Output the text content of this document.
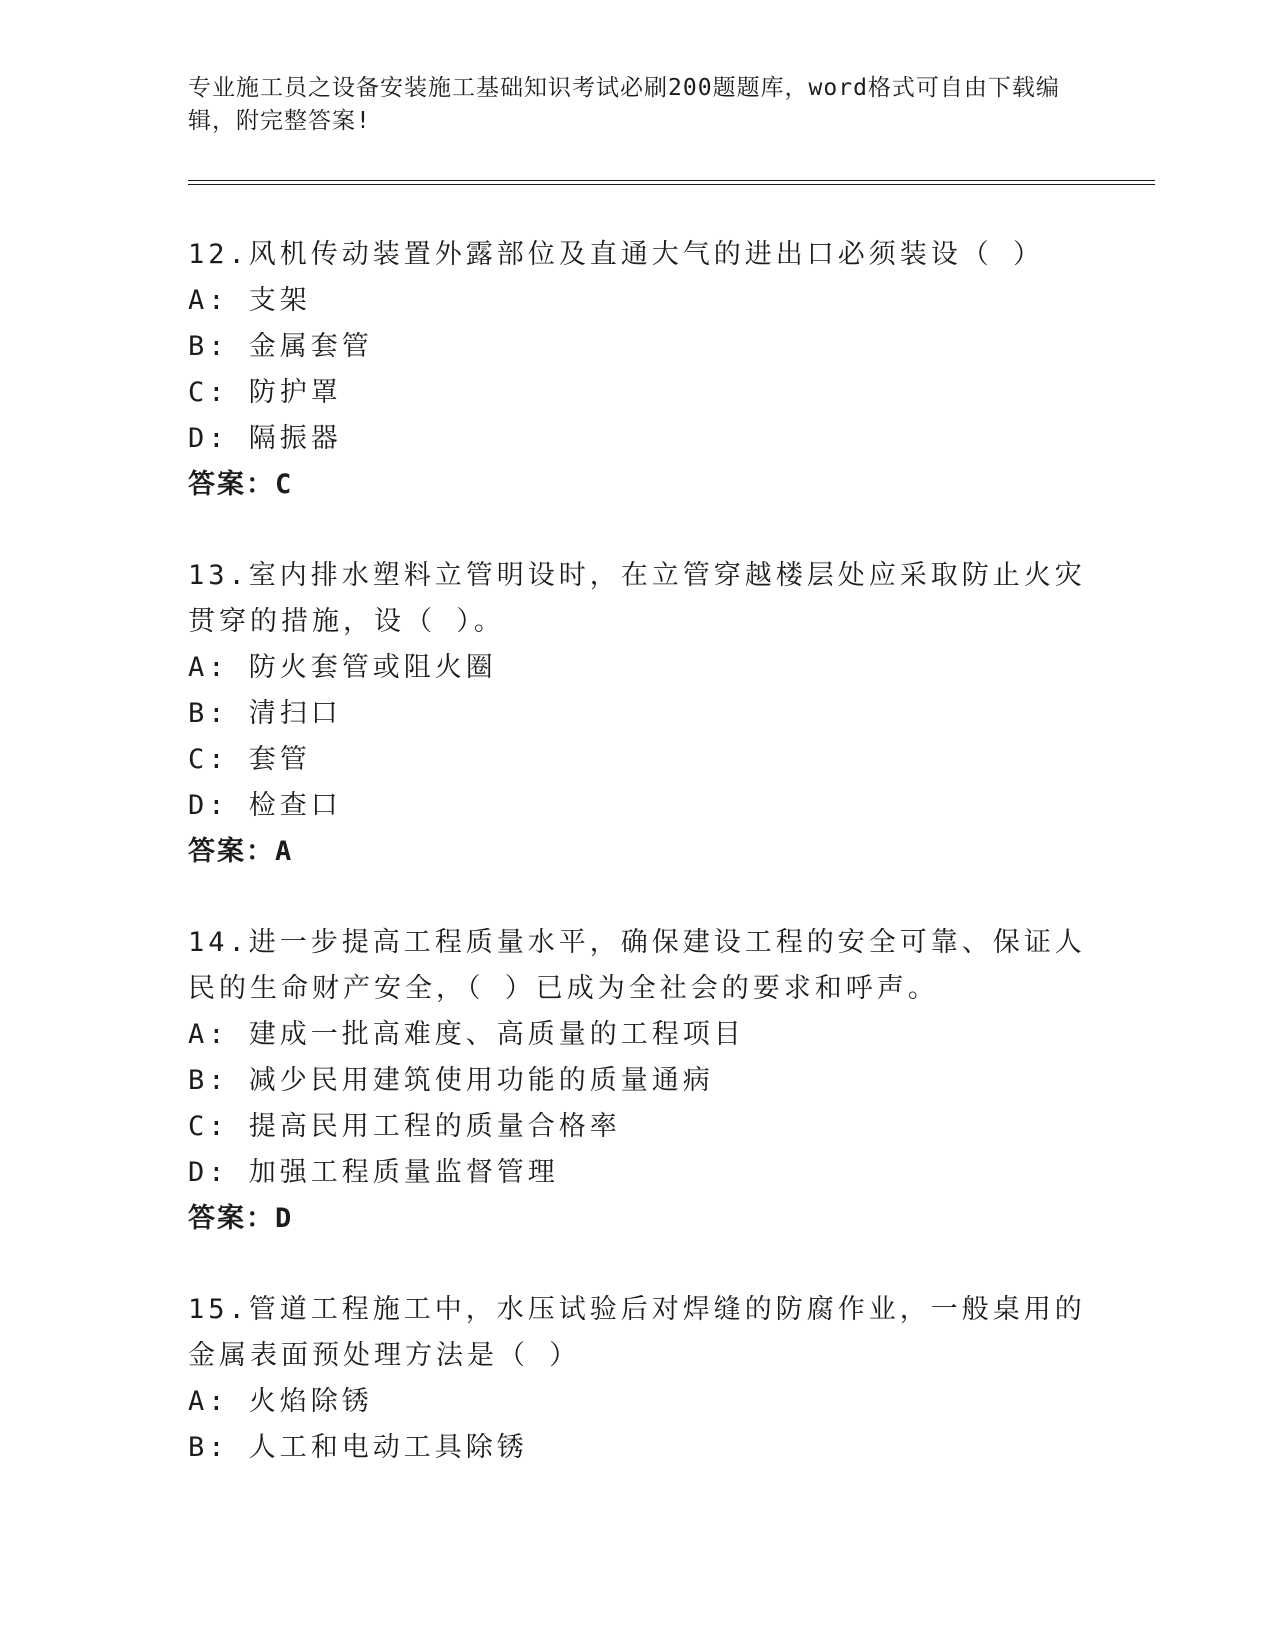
专业施工员之设备安装施工基础知识考试必刷200题题库，word格式可自由下载编辑，附完整答案!
12.风机传动装置外露部位及直通大气的进出口必须装设（ ）
A: 支架
B: 金属套管
C: 防护罩
D: 隔振器
答案：C
13.室内排水塑料立管明设时，在立管穿越楼层处应采取防止火灾贯穿的措施，设（ ）。
A: 防火套管或阻火圈
B: 清扫口
C: 套管
D: 检查口
答案：A
14.进一步提高工程质量水平，确保建设工程的安全可靠、保证人民的生命财产安全，（ ）已成为全社会的要求和呼声。
A: 建成一批高难度、高质量的工程项目
B: 减少民用建筑使用功能的质量通病
C: 提高民用工程的质量合格率
D: 加强工程质量监督管理
答案：D
15.管道工程施工中，水压试验后对焊缝的防腐作业，一般桌用的金属表面预处理方法是（ ）
A: 火焰除锈
B: 人工和电动工具除锈
